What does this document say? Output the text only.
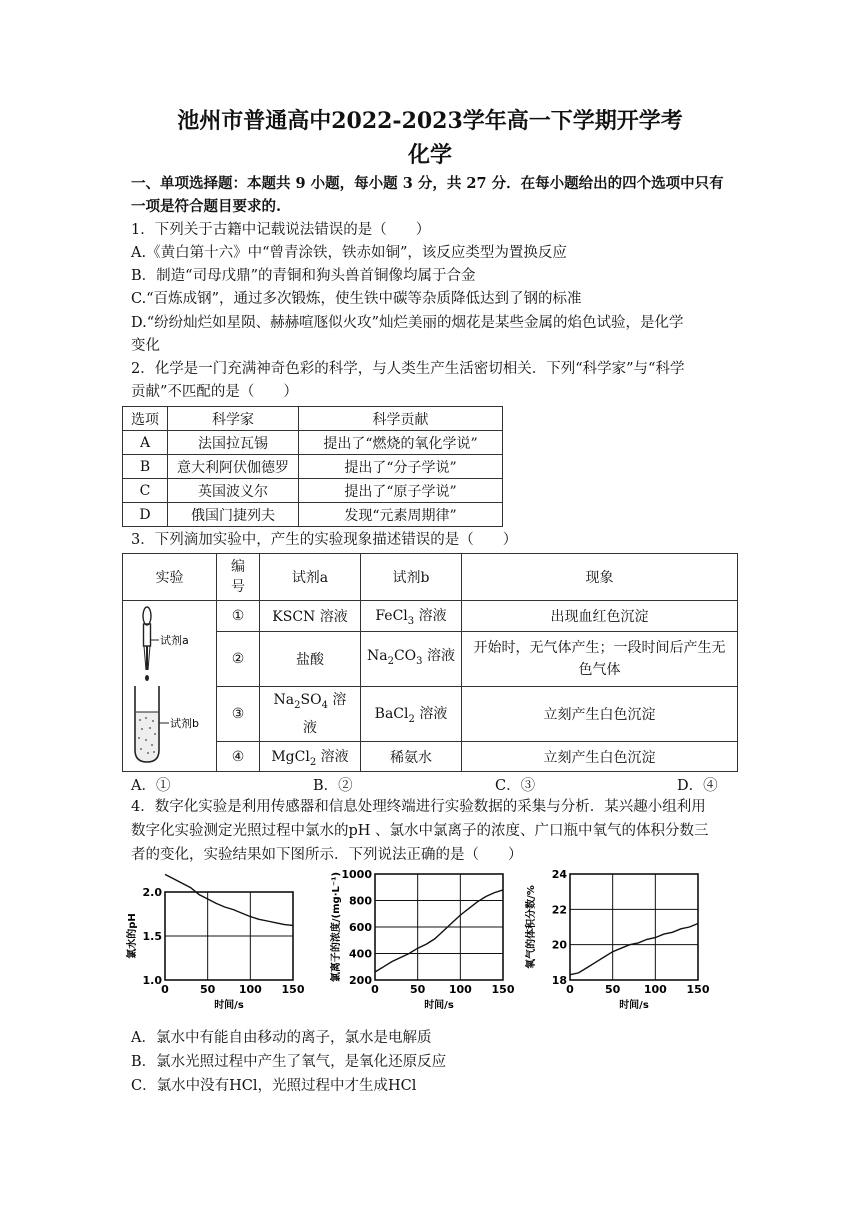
池州市普通高中2022-2023学年高一下学期开学考
化学
一、单项选择题：本题共 9 小题，每小题 3 分，共 27 分．在每小题给出的四个选项中只有
一项是符合题目要求的.
1．下列关于古籍中记载说法错误的是（　　）
A.《黄白第十六》中“曾青涂铁，铁赤如铜”，该反应类型为置换反应
B．制造“司母戊鼎”的青铜和狗头兽首铜像均属于合金
C.“百炼成钢”，通过多次锻炼，使生铁中碳等杂质降低达到了钢的标准
D.“纷纷灿烂如星陨、赫赫喧豗似火攻”灿烂美丽的烟花是某些金属的焰色试验，是化学
变化
2．化学是一门充满神奇色彩的科学，与人类生产生活密切相关．下列“科学家”与“科学
贡献”不匹配的是（　　）
选项	科学家	科学贡献
A	法国拉瓦锡	提出了“燃烧的氧化学说”
B	意大利阿伏伽德罗	提出了“分子学说”
C	英国波义尔	提出了“原子学说”
D	俄国门捷列夫	发现“元素周期律”
3．下列滴加实验中，产生的实验现象描述错误的是（　　）
实验	编号	试剂a	试剂b	现象

试剂a
试剂b	①	KSCN 溶液	FeCl$_3$ 溶液	出现血红色沉淀
	②	盐酸	$Na_2CO_3$ 溶液	开始时，无气体产生；一段时间后产生无色气体
	③	$Na_2SO_4$ 溶液	BaCl$_2$ 溶液	立刻产生白色沉淀
	④	MgCl$_2$ 溶液	稀氨水	立刻产生白色沉淀
A．①	B．②	C．③	D．④
4．数字化实验是利用传感器和信息处理终端进行实验数据的采集与分析．某兴趣小组利用
数字化实验测定光照过程中氯水的pH 、氯水中氯离子的浓度、广口瓶中氧气的体积分数三
者的变化，实验结果如下图所示．下列说法正确的是（　　）
0	50 100 150
1.0
1.5
2.0
时间/s
氯水的pH
0	50 100 150
200
400
600
800
1000
时间/s
氯离子的浓度/(mg·L⁻¹)
0	50 100 150
18
20
22
24
时间/s
氧气的体积分数/%
A．氯水中有能自由移动的离子，氯水是电解质
B．氯水光照过程中产生了氧气，是氧化还原反应
C．氯水中没有HCl，光照过程中才生成HCl
